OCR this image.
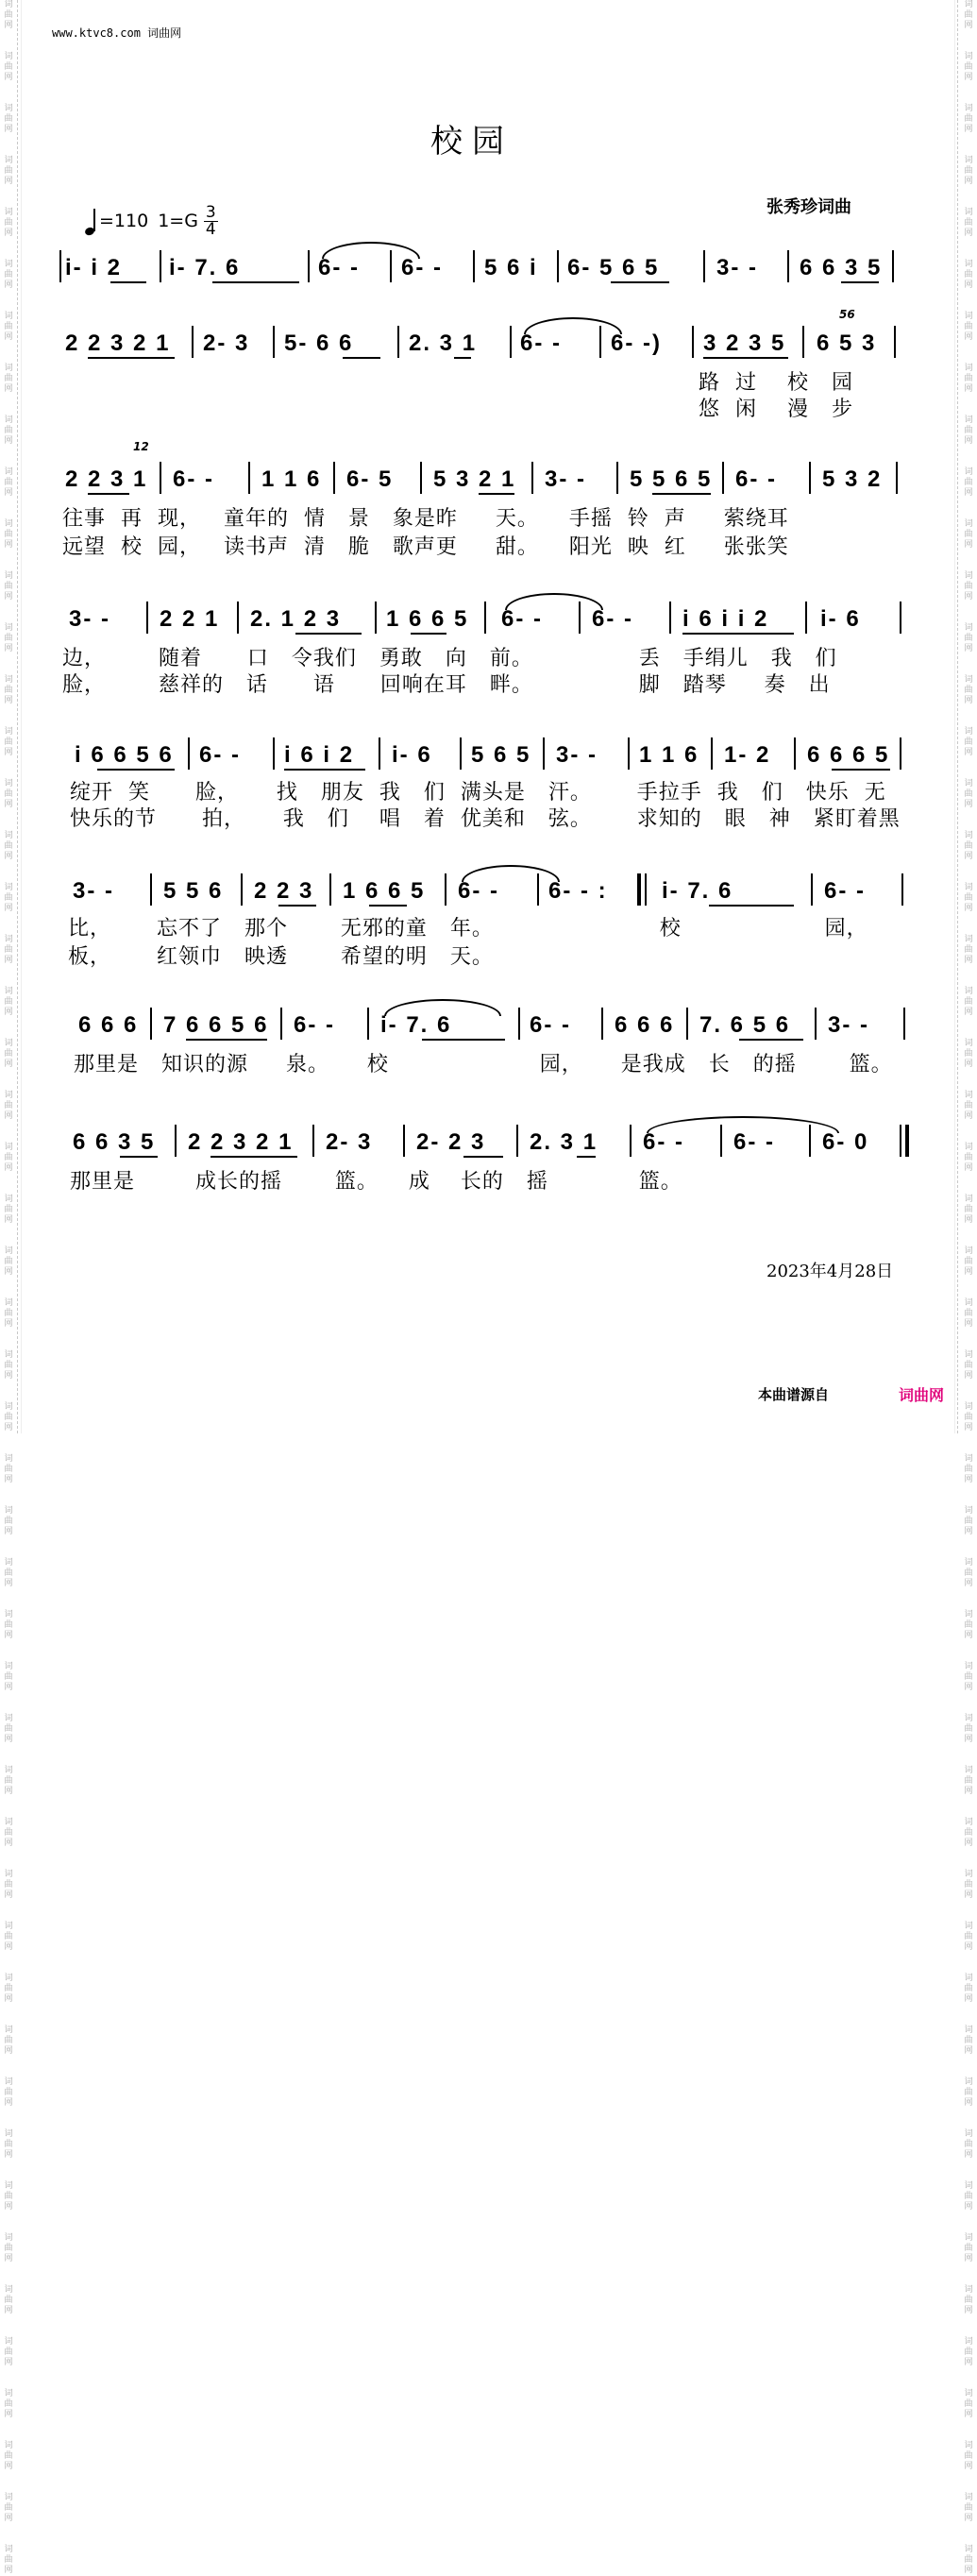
词
曲
网

词
曲
网

词
曲
网

词
曲
网

词
曲
网

词
曲
网

词
曲
网

词
曲
网

词
曲
网

词
曲
网

词
曲
网

词
曲
网

词
曲
网

词
曲
网

词
曲
网

词
曲
网

词
曲
网

词
曲
网

词
曲
网

词
曲
网

词
曲
网

词
曲
网

词
曲
网

词
曲
网

词
曲
网

词
曲
网

词
曲
网

词
曲
网

词
曲
网

词
曲
网

词
曲
网

词
曲
网

词
曲
网

词
曲
网

词
曲
网

词
曲
网

词
曲
网

词
曲
网

词
曲
网

词
曲
网

词
曲
网

词
曲
网

词
曲
网

词
曲
网

词
曲
网

词
曲
网

词
曲
网

词
曲
网

词
曲
网

词
曲
网
词
曲
网

词
曲
网

词
曲
网

词
曲
网

词
曲
网

词
曲
网

词
曲
网

词
曲
网

词
曲
网

词
曲
网

词
曲
网

词
曲
网

词
曲
网

词
曲
网

词
曲
网

词
曲
网

词
曲
网

词
曲
网

词
曲
网

词
曲
网

词
曲
网

词
曲
网

词
曲
网

词
曲
网

词
曲
网

词
曲
网

词
曲
网

词
曲
网

词
曲
网

词
曲
网

词
曲
网

词
曲
网

词
曲
网

词
曲
网

词
曲
网

词
曲
网

词
曲
网

词
曲
网

词
曲
网

词
曲
网

词
曲
网

词
曲
网

词
曲
网

词
曲
网

词
曲
网

词
曲
网

词
曲
网

词
曲
网

词
曲
网

词
曲
网
www.ktvc8.com 词曲网
校园
张秀珍词曲
=110 $1=G \frac{3}{4}$
i- i 2 i- 7. 6	6- - 6- - 5 6 i 6- 5 6 5	3- - 6 6 3 5
2 2 3 2 1 2- 3 5- 6 6 2. 3 1 6- - 6- -) 3 2 3 5
56
6 5 3
路  过    校   园
悠  闲    漫   步
12
2 2 3 1 6- - 1 1 6 6- 5 5 3 2 1 3- - 5 5 6 5 6- - 5 3 2
往事  再  现，   童年的  情   景   象是昨     天。    手摇  铃  声     萦绕耳
远望  校  园，   读书声  清   脆   歌声更     甜。    阳光  映  红     张张笑
3- - 2 2 1 2. 1 2 3 1 6 6 5 6- - 6- - i 6 i i 2 i- 6
边，       随着      口   令我们   勇敢   向   前。              丢   手绢儿   我   们
脸，       慈祥的   话      语      回响在耳   畔。              脚   踏琴     奏   出
i 6 6 5 6 6- - i 6 i 2 i- 6 5 6 5 3- - 1 1 6 1- 2 6 6 6 5
绽开  笑      脸，     找   朋友  我   们  满头是   汗。      手拉手  我   们   快乐  无
快乐的节      拍，     我   们    唱   着  优美和   弦。      求知的   眼   神   紧盯着黑
3- - 5 5 6 2 2 3 1 6 6 5 6- - 6- - : i- 7. 6	6- -
比，      忘不了   那个       无邪的童   年。                      校                   园，
板，      红领巾   映透       希望的明   天。
6 6 6 7 6 6 5 6 6- - i- 7. 6	6- - 6 6 6 7. 6 5 6 3- -
那里是   知识的源     泉。     校                    园，     是我成   长   的摇       篮。
6 6 3 5 2 2 3 2 1 2- 3 2- 2 3 2. 3 1 6- - 6- - 6- 0
那里是        成长的摇       篮。    成    长的   摇            篮。
2023年4月28日
本曲谱源自	词曲网
